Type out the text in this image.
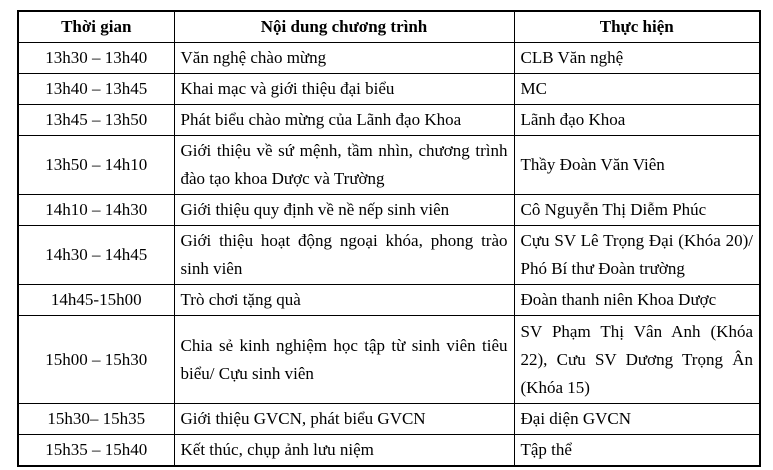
Thời gian	Nội dung chương trình	Thực hiện
13h30 – 13h40	Văn nghệ chào mừng	CLB Văn nghệ
13h40 – 13h45	Khai mạc và giới thiệu đại biểu	MC
13h45 – 13h50	Phát biểu chào mừng của Lãnh đạo Khoa	Lãnh đạo Khoa
13h50 – 14h10	Giới thiệu về sứ mệnh, tầm nhìn, chương trình đào tạo khoa Dược và Trường	Thầy Đoàn Văn Viên
14h10 – 14h30	Giới thiệu quy định về nề nếp sinh viên	Cô Nguyễn Thị Diễm Phúc
14h30 – 14h45	Giới thiệu hoạt động ngoại khóa, phong trào sinh viên	Cựu SV Lê Trọng Đại (Khóa 20)/ Phó Bí thư Đoàn trường
14h45-15h00	Trò chơi tặng quà	Đoàn thanh niên Khoa Dược
15h00 – 15h30	Chia sẻ kinh nghiệm học tập từ sinh viên tiêu biểu/ Cựu sinh viên	SV Phạm Thị Vân Anh (Khóa 22), Cưu SV Dương Trọng Ân (Khóa 15)
15h30– 15h35	Giới thiệu GVCN, phát biểu GVCN	Đại diện GVCN
15h35 – 15h40	Kết thúc, chụp ảnh lưu niệm	Tập thể
